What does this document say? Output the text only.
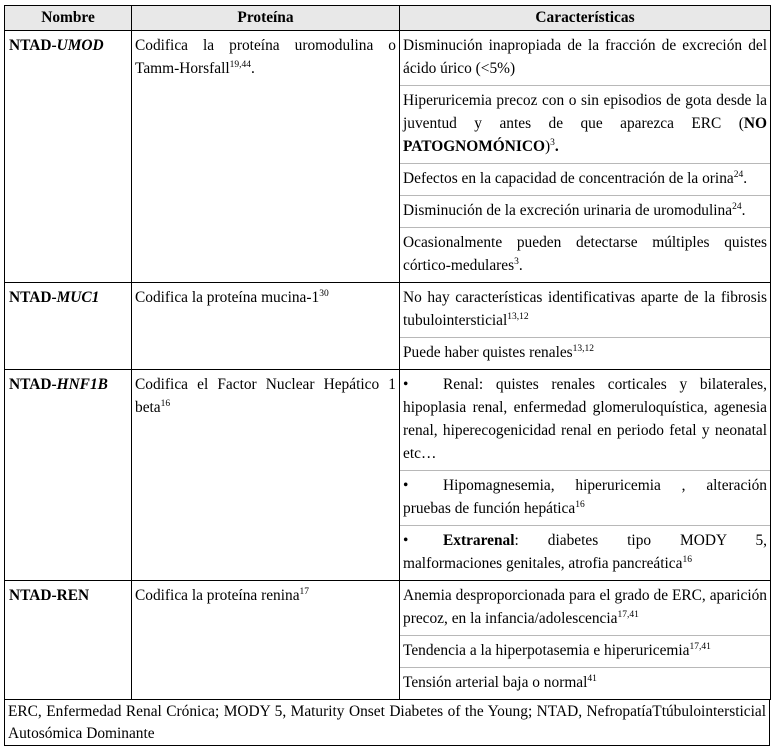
Nombre	Proteína	Características
NTAD-UMOD	Codifica la proteína uromodulina o Tamm-Horsfall$^{19,44}$.	Disminución inapropiada de la fracción de excreción del ácido úrico (<5%)
Hiperuricemia precoz con o sin episodios de gota desde la juventud y antes de que aparezca ERC (NO PATOGNOMÓNICO)$^3$.
Defectos en la capacidad de concentración de la orina$^{24}$.
Disminución de la excreción urinaria de uromodulina$^{24}$.
Ocasionalmente pueden detectarse múltiples quistes córtico-medulares$^3$.

NTAD-MUC1	Codifica la proteína mucina-$1^{30}$	No hay características identificativas aparte de la fibrosis tubulointersticial$^{13,12}$
Puede haber quistes renales$^{13,12}$

NTAD-HNF1B	Codifica el Factor Nuclear Hepático 1 beta$^{16}$	• Renal: quistes renales corticales y bilaterales, hipoplasia renal, enfermedad glomeruloquística, agenesia renal, hiperecogenicidad renal en periodo fetal y neonatal etc…
• Hipomagnesemia, hiperuricemia , alteración pruebas de función hepática$^{16}$
• Extrarenal: diabetes tipo MODY 5, malformaciones genitales, atrofia pancreática$^{16}$

NTAD-REN	Codifica la proteína renina$^{17}$	Anemia desproporcionada para el grado de ERC, aparición precoz, en la infancia/adolescencia$^{17,41}$
Tendencia a la hiperpotasemia e hiperuricemia$^{17,41}$
Tensión arterial baja o normal$^{41}$
ERC, Enfermedad Renal Crónica; MODY 5, Maturity Onset Diabetes of the Young; NTAD, NefropatíaTtúbulointersticial Autosómica Dominante
